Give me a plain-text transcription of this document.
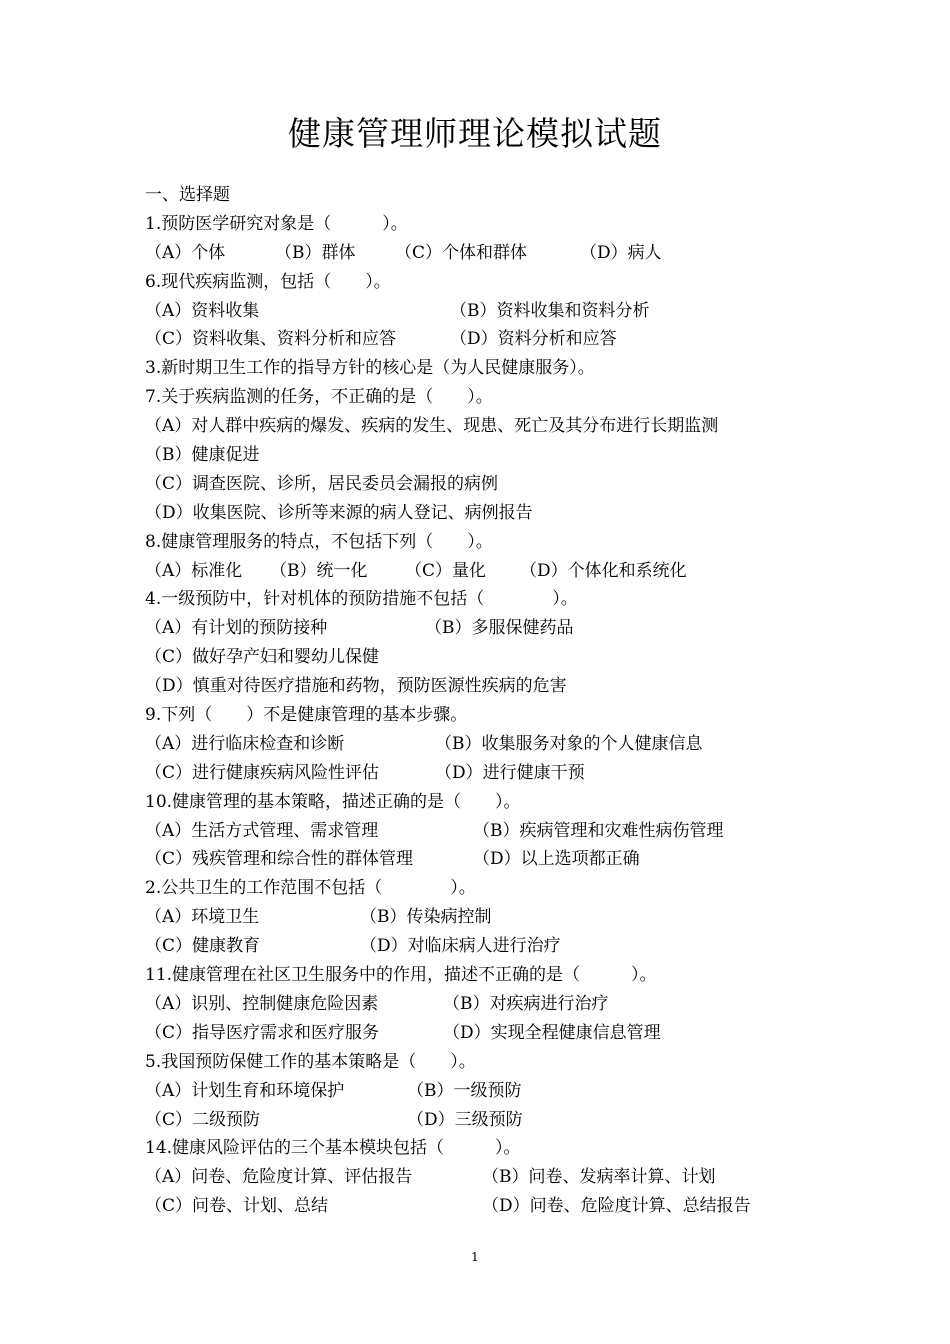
健康管理师理论模拟试题
一、选择题
1.预防医学研究对象是（　　　）。
（A）个体	（B）群体 （C）个体和群体	（D）病人
6.现代疾病监测，包括（　　）。
（A）资料收集	（B）资料收集和资料分析
（C）资料收集、资料分析和应答	（D）资料分析和应答
3.新时期卫生工作的指导方针的核心是（为人民健康服务）。
7.关于疾病监测的任务，不正确的是（　　）。
（A）对人群中疾病的爆发、疾病的发生、现患、死亡及其分布进行长期监测
（B）健康促进
（C）调查医院、诊所，居民委员会漏报的病例
（D）收集医院、诊所等来源的病人登记、病例报告
8.健康管理服务的特点，不包括下列（　　）。
（A）标准化 （B）统一化 （C）量化 （D）个体化和系统化
4.一级预防中，针对机体的预防措施不包括（　　　　）。
（A）有计划的预防接种	（B）多服保健药品
（C）做好孕产妇和婴幼儿保健
（D）慎重对待医疗措施和药物，预防医源性疾病的危害
9.下列（　　）不是健康管理的基本步骤。
（A）进行临床检查和诊断	（B）收集服务对象的个人健康信息
（C）进行健康疾病风险性评估	（D）进行健康干预
10.健康管理的基本策略，描述正确的是（　　）。
（A）生活方式管理、需求管理	（B）疾病管理和灾难性病伤管理
（C）残疾管理和综合性的群体管理	（D）以上选项都正确
2.公共卫生的工作范围不包括（　　　　）。
（A）环境卫生	（B）传染病控制
（C）健康教育	（D）对临床病人进行治疗
11.健康管理在社区卫生服务中的作用，描述不正确的是（　　　）。
（A）识别、控制健康危险因素	（B）对疾病进行治疗
（C）指导医疗需求和医疗服务	（D）实现全程健康信息管理
5.我国预防保健工作的基本策略是（　　）。
（A）计划生育和环境保护	（B）一级预防
（C）二级预防	（D）三级预防
14.健康风险评估的三个基本模块包括（　　　）。
（A）问卷、危险度计算、评估报告	（B）问卷、发病率计算、计划
（C）问卷、计划、总结	（D）问卷、危险度计算、总结报告
1
